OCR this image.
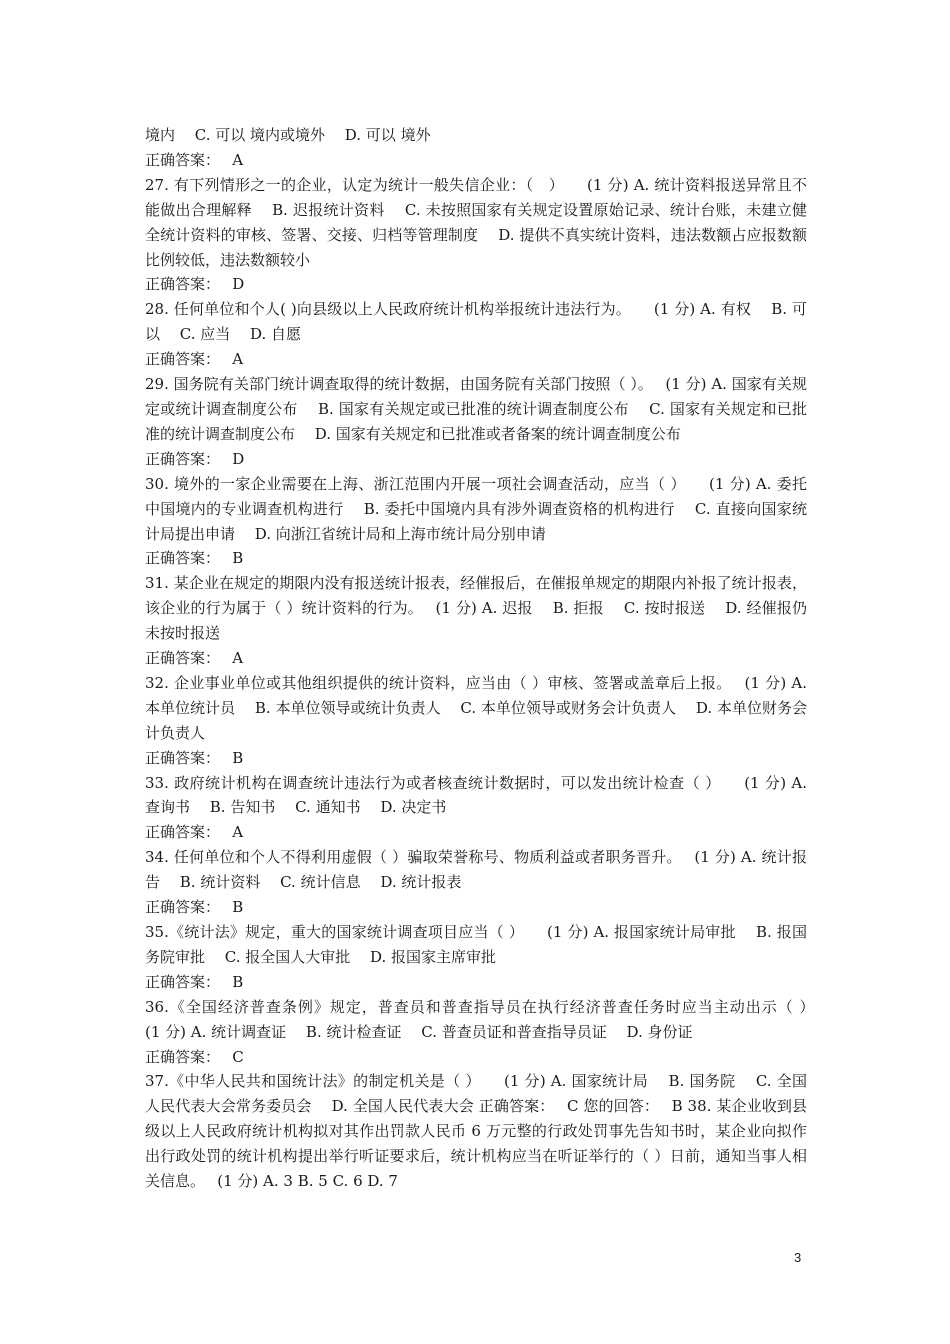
境内　 C. 可以 境内或境外　 D. 可以 境外

正确答案：　 A

27. 有下列情形之一的企业，认定为统计一般失信企业：（　）　　(1 分) A. 统计资料报送异常且不能做出合理解释　 B. 迟报统计资料　 C. 未按照国家有关规定设置原始记录、统计台账，未建立健全统计资料的审核、签署、交接、归档等管理制度　 D. 提供不真实统计资料，违法数额占应报数额比例较低，违法数额较小

正确答案：　 D

28. 任何单位和个人( )向县级以上人民政府统计机构举报统计违法行为。　　(1 分) A. 有权　 B. 可以　 C. 应当　 D. 自愿

正确答案：　 A

29. 国务院有关部门统计调查取得的统计数据，由国务院有关部门按照（ ）。　 (1 分) A. 国家有关规定或统计调查制度公布　 B. 国家有关规定或已批准的统计调查制度公布　 C. 国家有关规定和已批准的统计调查制度公布　 D. 国家有关规定和已批准或者备案的统计调查制度公布

正确答案：　 D

30. 境外的一家企业需要在上海、浙江范围内开展一项社会调查活动，应当（ ）　　(1 分) A. 委托中国境内的专业调查机构进行　 B. 委托中国境内具有涉外调查资格的机构进行　 C. 直接向国家统计局提出申请　 D. 向浙江省统计局和上海市统计局分别申请

正确答案：　 B

31. 某企业在规定的期限内没有报送统计报表，经催报后，在催报单规定的期限内补报了统计报表，该企业的行为属于（ ）统计资料的行为。　 (1 分) A. 迟报　 B. 拒报　 C. 按时报送　 D. 经催报仍未按时报送

正确答案：　 A

32. 企业事业单位或其他组织提供的统计资料，应当由（ ）审核、签署或盖章后上报。　 (1 分) A. 本单位统计员　 B. 本单位领导或统计负责人　 C. 本单位领导或财务会计负责人　 D. 本单位财务会计负责人

正确答案：　 B

33. 政府统计机构在调查统计违法行为或者核查统计数据时，可以发出统计检查（ ）　　(1 分) A. 查询书　 B. 告知书　 C. 通知书　 D. 决定书

正确答案：　 A

34. 任何单位和个人不得利用虚假（ ）骗取荣誉称号、物质利益或者职务晋升。　 (1 分) A. 统计报告　 B. 统计资料　 C. 统计信息　 D. 统计报表

正确答案：　 B

35.《统计法》规定，重大的国家统计调查项目应当（ ）　　(1 分) A. 报国家统计局审批　 B. 报国务院审批　 C. 报全国人大审批　 D. 报国家主席审批

正确答案：　 B

36.《全国经济普查条例》规定，普查员和普查指导员在执行经济普查任务时应当主动出示（ ）　　(1 分) A. 统计调查证　 B. 统计检查证　 C. 普查员证和普查指导员证　 D. 身份证

正确答案：　 C

37.《中华人民共和国统计法》的制定机关是（ ）　　(1 分) A. 国家统计局　 B. 国务院　 C. 全国人民代表大会常务委员会　 D. 全国人民代表大会 正确答案：　 C 您的回答：　 B 38. 某企业收到县级以上人民政府统计机构拟对其作出罚款人民币 6 万元整的行政处罚事先告知书时，某企业向拟作出行政处罚的统计机构提出举行听证要求后，统计机构应当在听证举行的（ ）日前，通知当事人相关信息。　 (1 分) A. 3 B. 5 C. 6 D. 7

3
